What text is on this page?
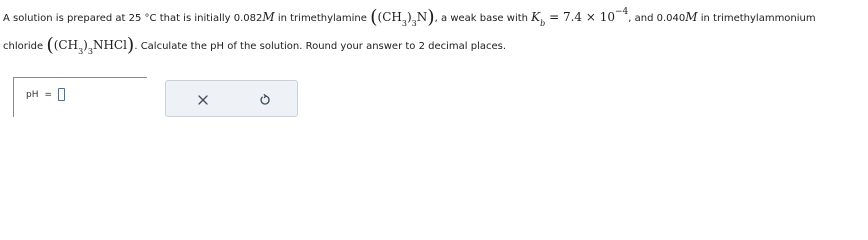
A solution is prepared at 25 °C that is initially 0.082M in trimethylamine $((CH_3)_3N)$, a weak base with $K_b = 7.4 \times 10^{-4}$, and 0.040M in trimethylammonium
chloride $((CH_3)_3NHCl)$. Calculate the pH of the solution. Round your answer to 2 decimal places.
pH =
